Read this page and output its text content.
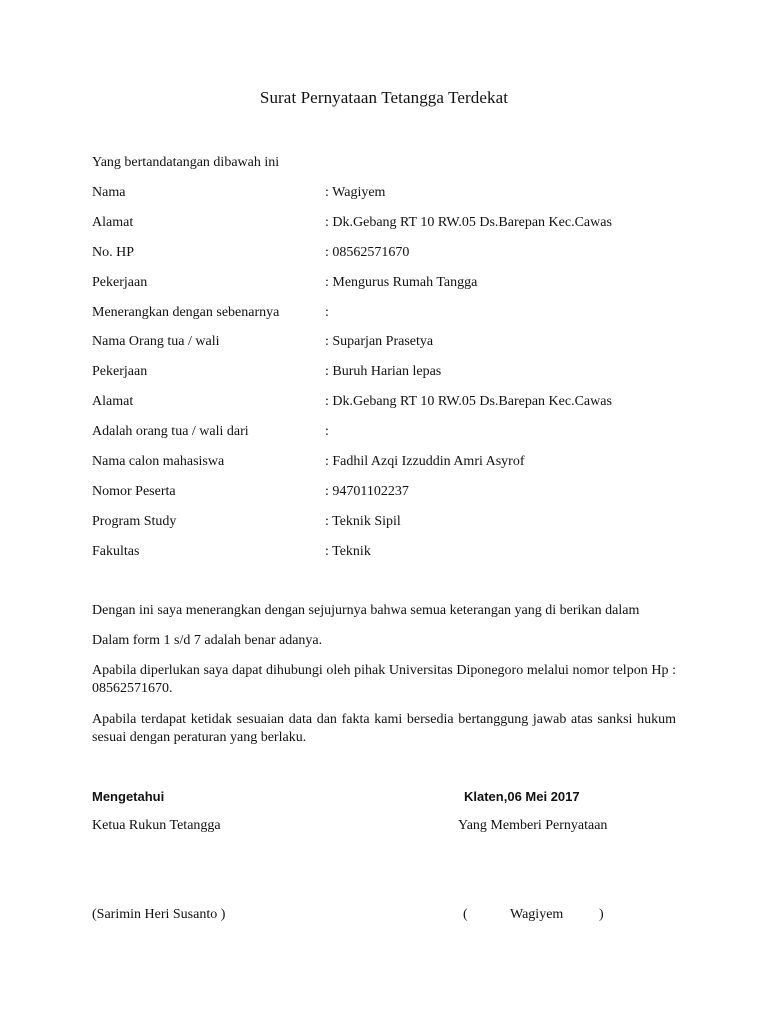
Surat Pernyataan Tetangga Terdekat
Yang bertandatangan dibawah ini
Nama	: Wagiyem
Alamat	: Dk.Gebang RT 10 RW.05 Ds.Barepan Kec.Cawas
No. HP	: 08562571670
Pekerjaan	: Mengurus Rumah Tangga
Menerangkan dengan sebenarnya	:
Nama Orang tua / wali	: Suparjan Prasetya
Pekerjaan	: Buruh Harian lepas
Alamat	: Dk.Gebang RT 10 RW.05 Ds.Barepan Kec.Cawas
Adalah orang tua / wali dari	:
Nama calon mahasiswa	: Fadhil Azqi Izzuddin Amri Asyrof
Nomor Peserta	: 94701102237
Program Study	: Teknik Sipil
Fakultas	: Teknik
Dengan ini saya menerangkan dengan sejujurnya bahwa semua keterangan yang di berikan dalam
Dalam form 1 s/d 7 adalah benar adanya.
Apabila diperlukan saya dapat dihubungi oleh pihak Universitas Diponegoro melalui nomor telpon Hp : 08562571670.
Apabila terdapat ketidak sesuaian data dan fakta kami bersedia bertanggung jawab atas sanksi hukum sesuai dengan peraturan yang berlaku.
Mengetahui	Klaten,06 Mei 2017
Ketua Rukun Tetangga	Yang Memberi Pernyataan
(Sarimin Heri Susanto )	(	Wagiyem	)
